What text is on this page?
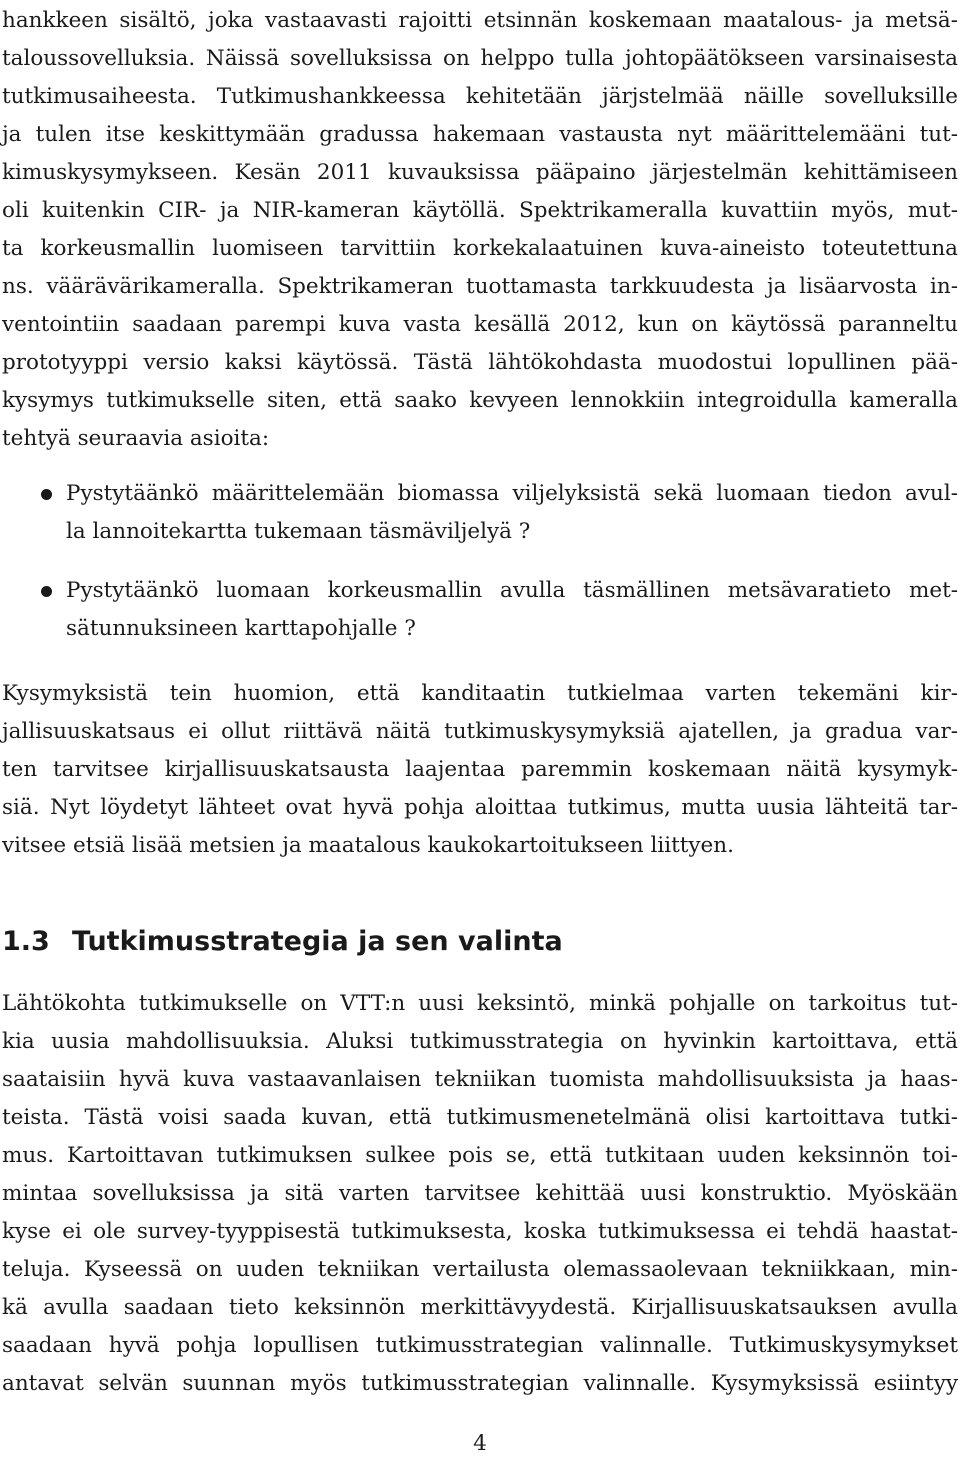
hankkeen sisältö, joka vastaavasti rajoitti etsinnän koskemaan maatalous- ja metsä-
taloussovelluksia. Näissä sovelluksissa on helppo tulla johtopäätökseen varsinaisesta
tutkimusaiheesta. Tutkimushankkeessa kehitetään järjstelmää näille sovelluksille
ja tulen itse keskittymään gradussa hakemaan vastausta nyt määrittelemääni tut-
kimuskysymykseen. Kesän 2011 kuvauksissa pääpaino järjestelmän kehittämiseen
oli kuitenkin CIR- ja NIR-kameran käytöllä. Spektrikameralla kuvattiin myös, mut-
ta korkeusmallin luomiseen tarvittiin korkekalaatuinen kuva-aineisto toteutettuna
ns. väärävärikameralla. Spektrikameran tuottamasta tarkkuudesta ja lisäarvosta in-
ventointiin saadaan parempi kuva vasta kesällä 2012, kun on käytössä paranneltu
prototyyppi versio kaksi käytössä. Tästä lähtökohdasta muodostui lopullinen pää-
kysymys tutkimukselle siten, että saako kevyeen lennokkiin integroidulla kameralla
tehtyä seuraavia asioita:
Pystytäänkö määrittelemään biomassa viljelyksistä sekä luomaan tiedon avul-
la lannoitekartta tukemaan täsmäviljelyä ?
Pystytäänkö luomaan korkeusmallin avulla täsmällinen metsävaratieto met-
sätunnuksineen karttapohjalle ?
Kysymyksistä tein huomion, että kanditaatin tutkielmaa varten tekemäni kir-
jallisuuskatsaus ei ollut riittävä näitä tutkimuskysymyksiä ajatellen, ja gradua var-
ten tarvitsee kirjallisuuskatsausta laajentaa paremmin koskemaan näitä kysymyk-
siä. Nyt löydetyt lähteet ovat hyvä pohja aloittaa tutkimus, mutta uusia lähteitä tar-
vitsee etsiä lisää metsien ja maatalous kaukokartoitukseen liittyen.
1.3 Tutkimusstrategia ja sen valinta
Lähtökohta tutkimukselle on VTT:n uusi keksintö, minkä pohjalle on tarkoitus tut-
kia uusia mahdollisuuksia. Aluksi tutkimusstrategia on hyvinkin kartoittava, että
saataisiin hyvä kuva vastaavanlaisen tekniikan tuomista mahdollisuuksista ja haas-
teista. Tästä voisi saada kuvan, että tutkimusmenetelmänä olisi kartoittava tutki-
mus. Kartoittavan tutkimuksen sulkee pois se, että tutkitaan uuden keksinnön toi-
mintaa sovelluksissa ja sitä varten tarvitsee kehittää uusi konstruktio. Myöskään
kyse ei ole survey-tyyppisestä tutkimuksesta, koska tutkimuksessa ei tehdä haastat-
teluja. Kyseessä on uuden tekniikan vertailusta olemassaolevaan tekniikkaan, min-
kä avulla saadaan tieto keksinnön merkittävyydestä. Kirjallisuuskatsauksen avulla
saadaan hyvä pohja lopullisen tutkimusstrategian valinnalle. Tutkimuskysymykset
antavat selvän suunnan myös tutkimusstrategian valinnalle. Kysymyksissä esiintyy
4
